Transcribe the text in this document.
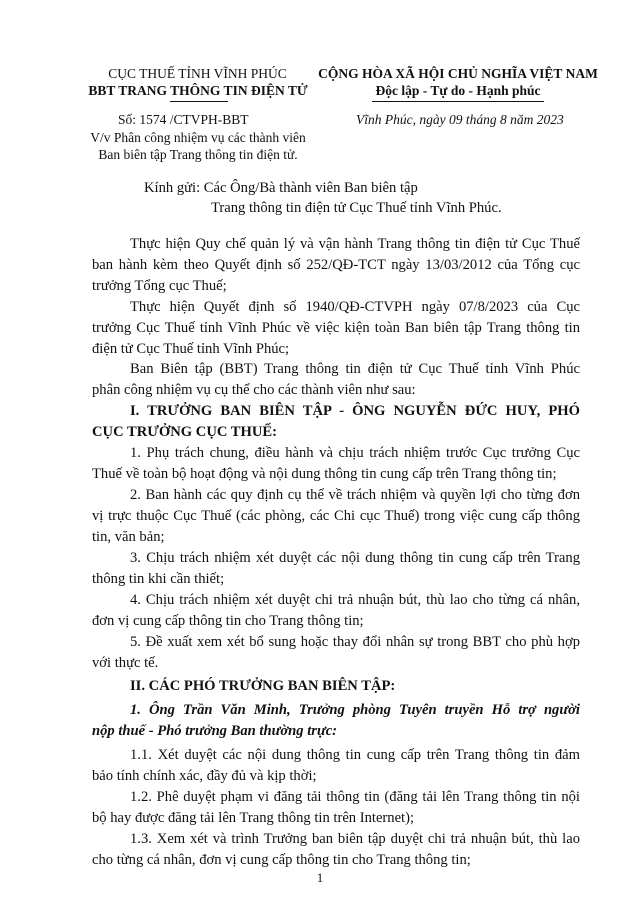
CỤC THUẾ TỈNH VĨNH PHÚC
BBT TRANG THÔNG TIN ĐIỆN TỬ
CỘNG HÒA XÃ HỘI CHỦ NGHĨA VIỆT NAM
Độc lập - Tự do - Hạnh phúc
Số: 1574 /CTVPH-BBT	Vĩnh Phúc, ngày 09 tháng 8 năm 2023
V/v Phân công nhiệm vụ các thành viên
Ban biên tập Trang thông tin điện tử.
Kính gửi: Các Ông/Bà thành viên Ban biên tập
Trang thông tin điện tử Cục Thuế tỉnh Vĩnh Phúc.
Thực hiện Quy chế quản lý và vận hành Trang thông tin điện tử Cục Thuế
ban hành kèm theo Quyết định số 252/QĐ-TCT ngày 13/03/2012 của Tổng cục
trưởng Tổng cục Thuế;
Thực hiện Quyết định số 1940/QĐ-CTVPH ngày 07/8/2023 của Cục
trưởng Cục Thuế tỉnh Vĩnh Phúc về việc kiện toàn Ban biên tập Trang thông tin
điện tử Cục Thuế tỉnh Vĩnh Phúc;
Ban Biên tập (BBT) Trang thông tin điện tử Cục Thuế tỉnh Vĩnh Phúc
phân công nhiệm vụ cụ thể cho các thành viên như sau:
I. TRƯỞNG BAN BIÊN TẬP - ÔNG NGUYỄN ĐỨC HUY, PHÓ
CỤC TRƯỞNG CỤC THUẾ:
1. Phụ trách chung, điều hành và chịu trách nhiệm trước Cục trưởng Cục
Thuế về toàn bộ hoạt động và nội dung thông tin cung cấp trên Trang thông tin;
2. Ban hành các quy định cụ thể về trách nhiệm và quyền lợi cho từng đơn
vị trực thuộc Cục Thuế (các phòng, các Chi cục Thuế) trong việc cung cấp thông
tin, văn bản;
3. Chịu trách nhiệm xét duyệt các nội dung thông tin cung cấp trên Trang
thông tin khi cần thiết;
4. Chịu trách nhiệm xét duyệt chi trả nhuận bút, thù lao cho từng cá nhân,
đơn vị cung cấp thông tin cho Trang thông tin;
5. Đề xuất xem xét bổ sung hoặc thay đổi nhân sự trong BBT cho phù hợp
với thực tế.
II. CÁC PHÓ TRƯỞNG BAN BIÊN TẬP:
1. Ông Trần Văn Minh, Trưởng phòng Tuyên truyền Hỗ trợ người
nộp thuế - Phó trưởng Ban thường trực:
1.1. Xét duyệt các nội dung thông tin cung cấp trên Trang thông tin đảm
bảo tính chính xác, đầy đủ và kịp thời;
1.2. Phê duyệt phạm vi đăng tải thông tin (đăng tải lên Trang thông tin nội
bộ hay được đăng tải lên Trang thông tin trên Internet);
1.3. Xem xét và trình Trưởng ban biên tập duyệt chi trả nhuận bút, thù lao
cho từng cá nhân, đơn vị cung cấp thông tin cho Trang thông tin;
1
